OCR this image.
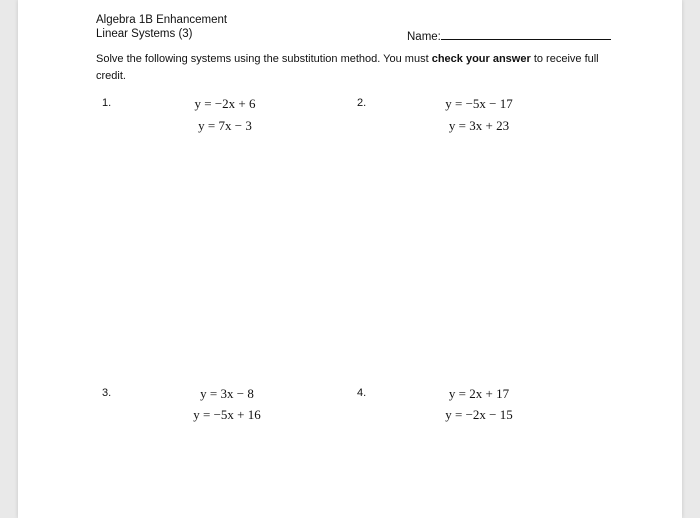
Algebra 1B Enhancement
Linear Systems (3)	Name:
Solve the following systems using the substitution method. You must check your answer to receive full
credit.
1.	y = −2x + 6
y = 7x − 3
2.	y = −5x − 17
y = 3x + 23
3.	y = 3x − 8
y = −5x + 16
4.	y = 2x + 17
y = −2x − 15
